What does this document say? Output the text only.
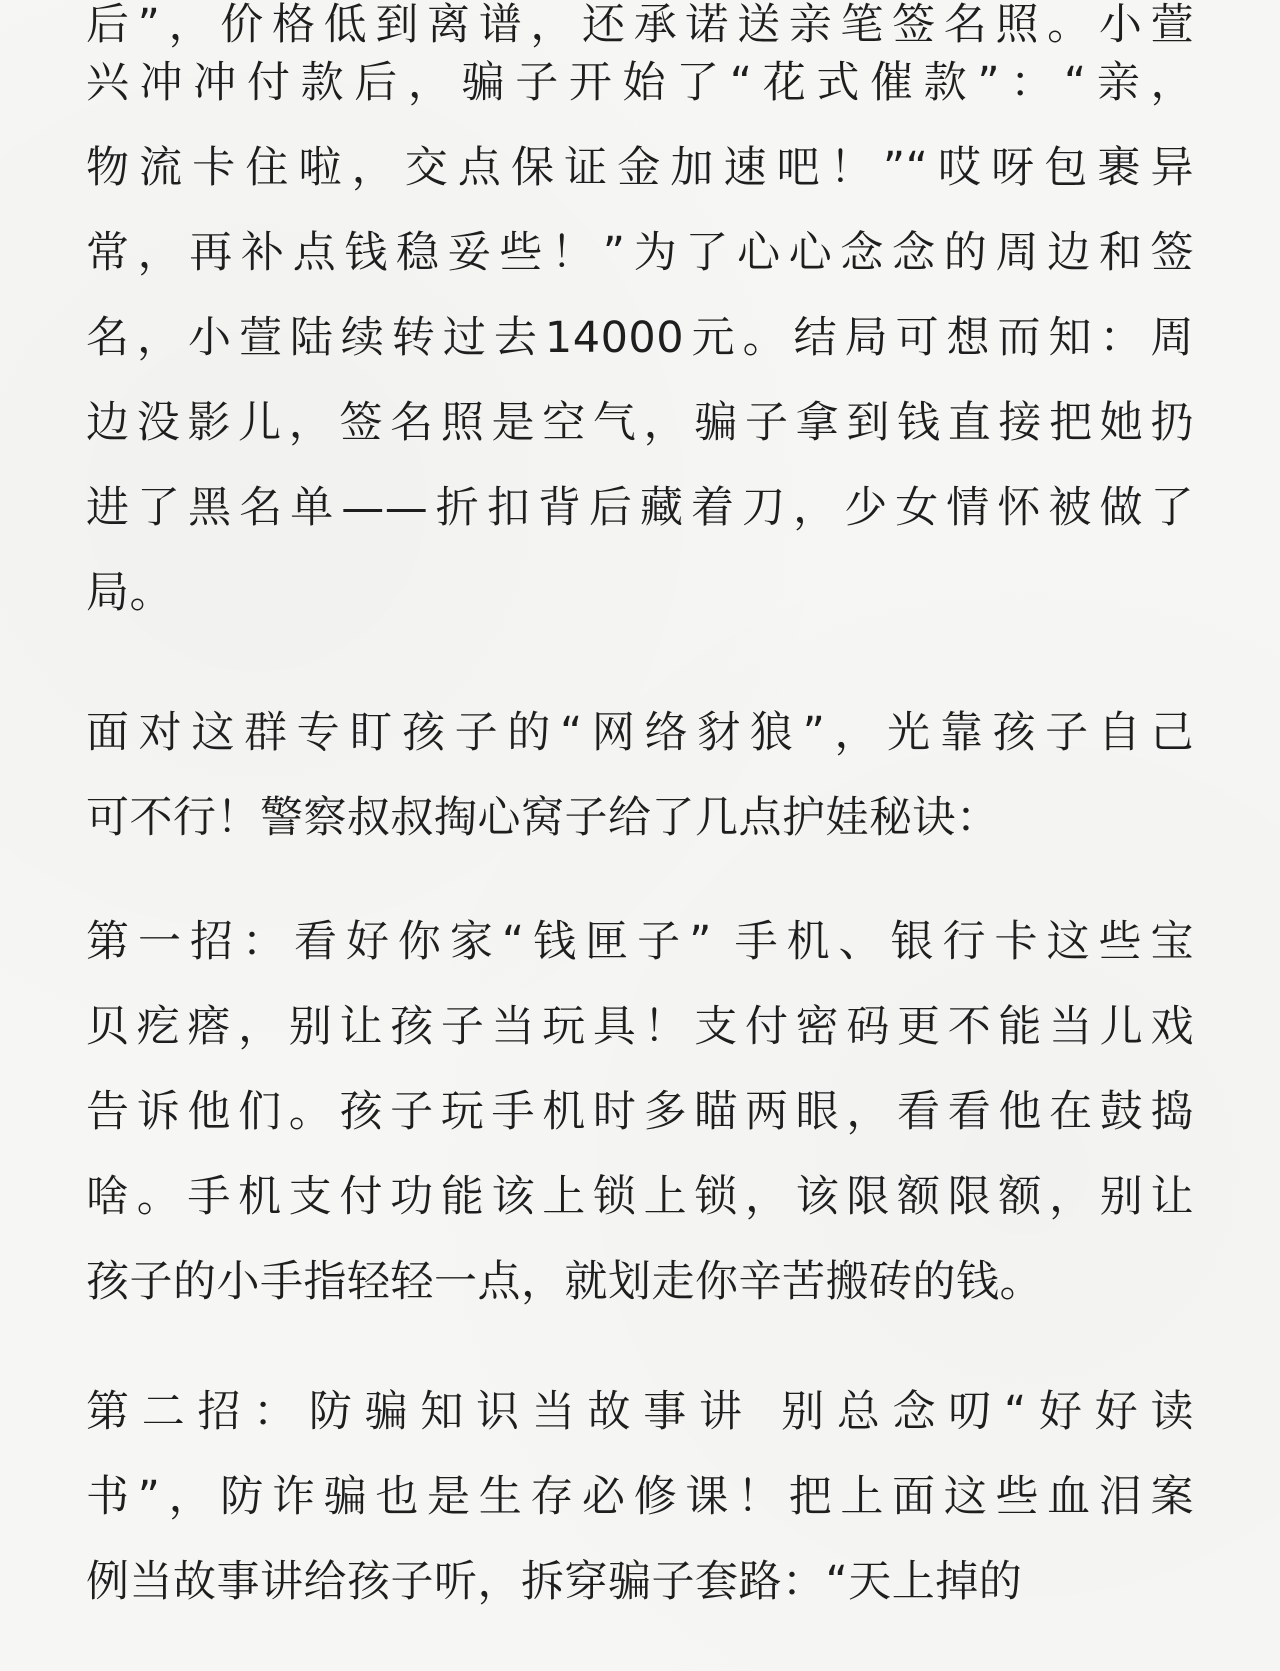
后”，价格低到离谱，还承诺送亲笔签名照。小萱

兴冲冲付款后，骗子开始了“花式催款”：“亲，

物流卡住啦，交点保证金加速吧！”“哎呀包裹异

常，再补点钱稳妥些！”为了心心念念的周边和签

名，小萱陆续转过去14000元。结局可想而知：周

边没影儿，签名照是空气，骗子拿到钱直接把她扔

进了黑名单——折扣背后藏着刀，少女情怀被做了

局。

面对这群专盯孩子的“网络豺狼”，光靠孩子自己

可不行！警察叔叔掏心窝子给了几点护娃秘诀：

第一招：看好你家“钱匣子” 手机、银行卡这些宝

贝疙瘩，别让孩子当玩具！支付密码更不能当儿戏

告诉他们。孩子玩手机时多瞄两眼，看看他在鼓捣

啥。手机支付功能该上锁上锁，该限额限额，别让

孩子的小手指轻轻一点，就划走你辛苦搬砖的钱。

第二招：防骗知识当故事讲 别总念叨“好好读

书”，防诈骗也是生存必修课！把上面这些血泪案

例当故事讲给孩子听，拆穿骗子套路：“天上掉的
